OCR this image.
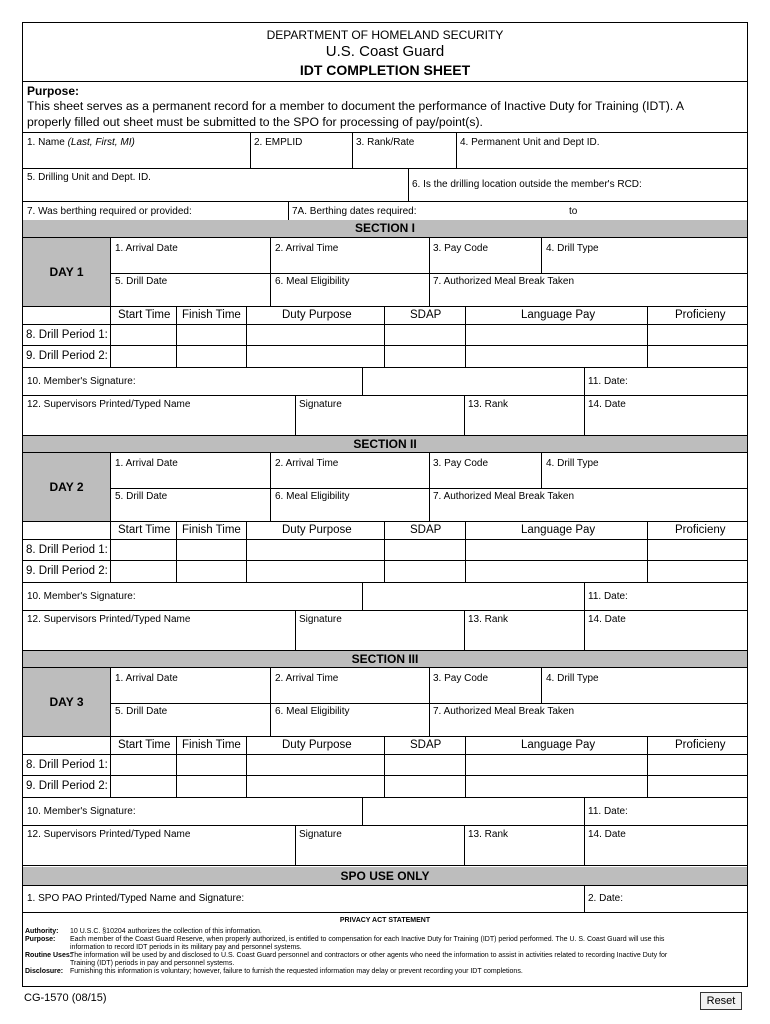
DEPARTMENT OF HOMELAND SECURITY
U.S. Coast Guard
IDT COMPLETION SHEET
Purpose:
This sheet serves as a permanent record for a member to document the performance of Inactive Duty for Training (IDT). A
properly filled out sheet must be submitted to the SPO for processing of pay/point(s).
1. Name (Last, First, MI)	2. EMPLID	3. Rank/Rate	4. Permanent Unit and Dept ID.
5. Drilling Unit and Dept. ID.
6. Is the drilling location outside the member's RCD:
7. Was berthing required or provided:	7A. Berthing dates required:	to
SECTION I
DAY 1
1. Arrival Date	2. Arrival Time	3. Pay Code	4. Drill Type
5. Drill Date	6. Meal Eligibility	7. Authorized Meal Break Taken
Start Time Finish Time	Duty Purpose	SDAP	Language Pay	Proficieny
8. Drill Period 1:
9. Drill Period 2:
10. Member's Signature:	11. Date:
12. Supervisors Printed/Typed Name	Signature	13. Rank	14. Date
SECTION II
DAY 2
1. Arrival Date	2. Arrival Time	3. Pay Code	4. Drill Type
5. Drill Date	6. Meal Eligibility	7. Authorized Meal Break Taken
Start Time Finish Time	Duty Purpose	SDAP	Language Pay	Proficieny
8. Drill Period 1:
9. Drill Period 2:
10. Member's Signature:	11. Date:
12. Supervisors Printed/Typed Name	Signature	13. Rank	14. Date
SECTION III
DAY 3
1. Arrival Date	2. Arrival Time	3. Pay Code	4. Drill Type
5. Drill Date	6. Meal Eligibility	7. Authorized Meal Break Taken
Start Time Finish Time	Duty Purpose	SDAP	Language Pay	Proficieny
8. Drill Period 1:
9. Drill Period 2:
10. Member's Signature:	11. Date:
12. Supervisors Printed/Typed Name	Signature	13. Rank	14. Date
SPO USE ONLY
1. SPO PAO Printed/Typed Name and Signature:	2. Date:
PRIVACY ACT STATEMENT
Authority: 10 U.S.C. §10204 authorizes the collection of this information.
Purpose: Each member of the Coast Guard Reserve, when properly authorized, is entitled to compensation for each Inactive Duty for Training (IDT) period performed. The U. S. Coast Guard will use this
information to record IDT periods in its military pay and personnel systems.
Routine Uses:
The information will be used by and disclosed to U.S. Coast Guard personnel and contractors or other agents who need the information to assist in activities related to recording Inactive Duty for
Training (IDT) periods in pay and personnel systems.
Disclosure: Furnishing this information is voluntary; however, failure to furnish the requested information may delay or prevent recording your IDT completions.
CG-1570 (08/15)	Reset
